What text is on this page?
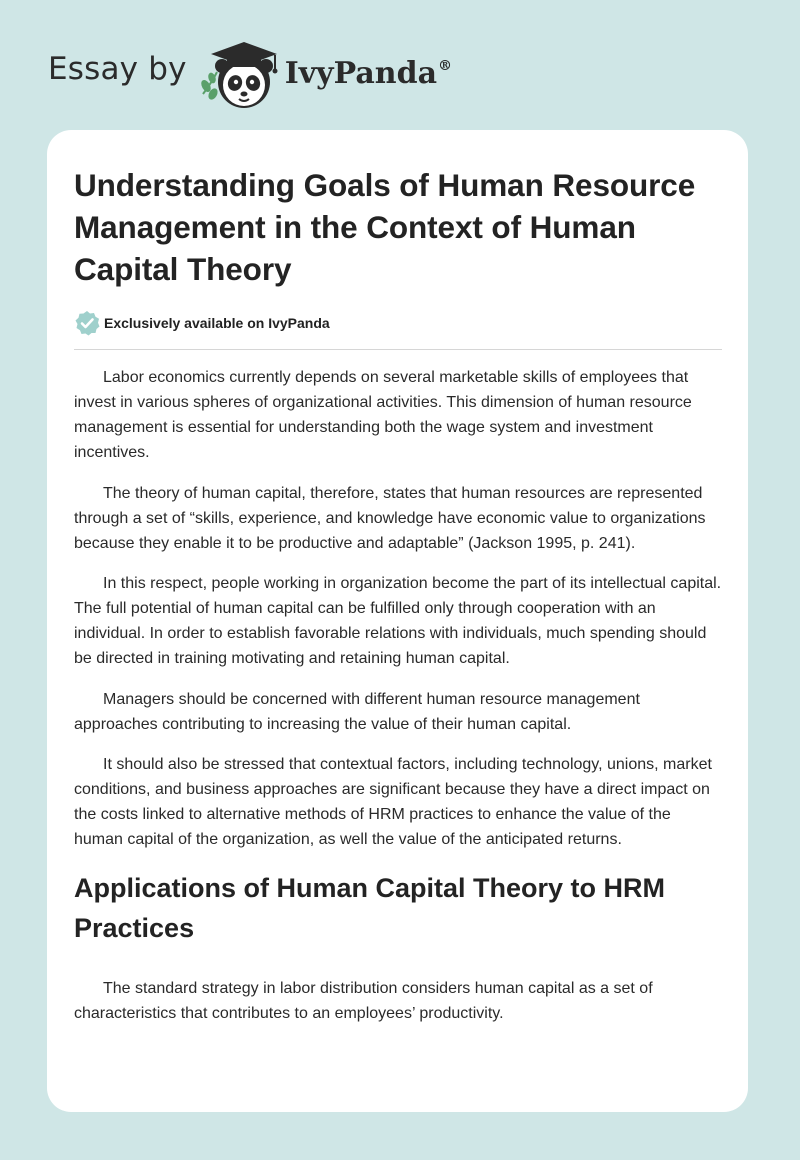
Essay by	IvyPanda®
Understanding Goals of Human Resource Management in the Context of Human Capital Theory
Exclusively available on IvyPanda

Labor economics currently depends on several marketable skills of employees that invest in various spheres of organizational activities. This dimension of human resource management is essential for understanding both the wage system and investment incentives.

The theory of human capital, therefore, states that human resources are represented through a set of “skills, experience, and knowledge have economic value to organizations because they enable it to be productive and adaptable” (Jackson 1995, p. 241).

In this respect, people working in organization become the part of its intellectual capital. The full potential of human capital can be fulfilled only through cooperation with an individual. In order to establish favorable relations with individuals, much spending should be directed in training motivating and retaining human capital.

Managers should be concerned with different human resource management approaches contributing to increasing the value of their human capital.

It should also be stressed that contextual factors, including technology, unions, market conditions, and business approaches are significant because they have a direct impact on the costs linked to alternative methods of HRM practices to enhance the value of the human capital of the organization, as well the value of the anticipated returns.

Applications of Human Capital Theory to HRM Practices

The standard strategy in labor distribution considers human capital as a set of characteristics that contributes to an employees’ productivity.
